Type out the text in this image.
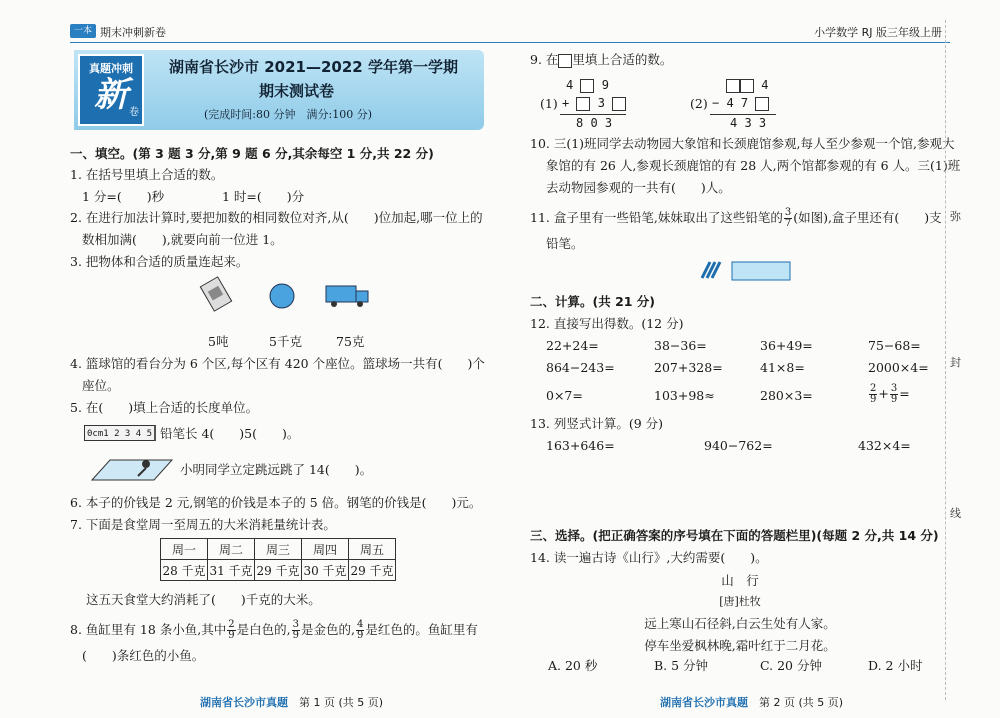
一本 期末冲刺新卷	小学数学 RJ 版三年级上册
真题冲刺
新 卷
湖南省长沙市 2021—2022 学年第一学期
期末测试卷
(完成时间:80 分钟　满分:100 分)
一、填空。(第 3 题 3 分,第 9 题 6 分,其余每空 1 分,共 22 分)
1. 在括号里填上合适的数。
1 分=(　　)秒	1 时=(　　)分
2. 在进行加法计算时,要把加数的相同数位对齐,从(　　)位加起,哪一位上的
数相加满(　　),就要向前一位进 1。
3. 把物体和合适的质量连起来。
5吨	5千克	75克
4. 篮球馆的看台分为 6 个区,每个区有 420 个座位。篮球场一共有(　　)个
座位。
5. 在(　　)填上合适的长度单位。
0cm1 2 3 4 5 铅笔长 4(　　)5(　　)。
小明同学立定跳远跳了 14(　　)。
6. 本子的价钱是 2 元,钢笔的价钱是本子的 5 倍。钢笔的价钱是(　　)元。
7. 下面是食堂周一至周五的大米消耗量统计表。
周一	周二	周三	周四	周五
28 千克	31 千克	29 千克	30 千克	29 千克
这五天食堂大约消耗了(　　)千克的大米。
8. 鱼缸里有 18 条小鱼,其中 $\frac{2}{9}$ 是白色的, $\frac{3}{9}$ 是金色的, $\frac{4}{9}$ 是红色的。鱼缸里有
(　　)条红色的小鱼。
湖南省长沙市真题　 第 1 页 (共 5 页)
9. 在 里填上合适的数。
4 9
(1) + 3
8 0 3
4
(2) − 4 7
4 3 3
10. 三(1)班同学去动物园大象馆和长颈鹿馆参观,每人至少参观一个馆,参观大
象馆的有 26 人,参观长颈鹿馆的有 28 人,两个馆都参观的有 6 人。三(1)班
去动物园参观的一共有(　　)人。
11. 盒子里有一些铅笔,妹妹取出了这些铅笔的 $\frac{3}{7}$ (如图),盒子里还有(　　)支
铅笔。
二、计算。(共 21 分)
12. 直接写出得数。(12 分)
22+24=	38−36=	36+49=	75−68=
864−243=	207+328=	41×8=	2000×4=
0×7=	103+98≈	280×3=	$\frac{2}{9} + \frac{3}{9}$ =
13. 列竖式计算。(9 分)
163+646=	940−762=	432×4=
三、选择。(把正确答案的序号填在下面的答题栏里)(每题 2 分,共 14 分)
14. 读一遍古诗《山行》,大约需要(　　)。
山　行
[唐]杜牧
远上寒山石径斜,白云生处有人家。
停车坐爱枫林晚,霜叶红于二月花。
A. 20 秒	B. 5 分钟	C. 20 分钟	D. 2 小时
湖南省长沙市真题　 第 2 页 (共 5 页)
弥
封
线
